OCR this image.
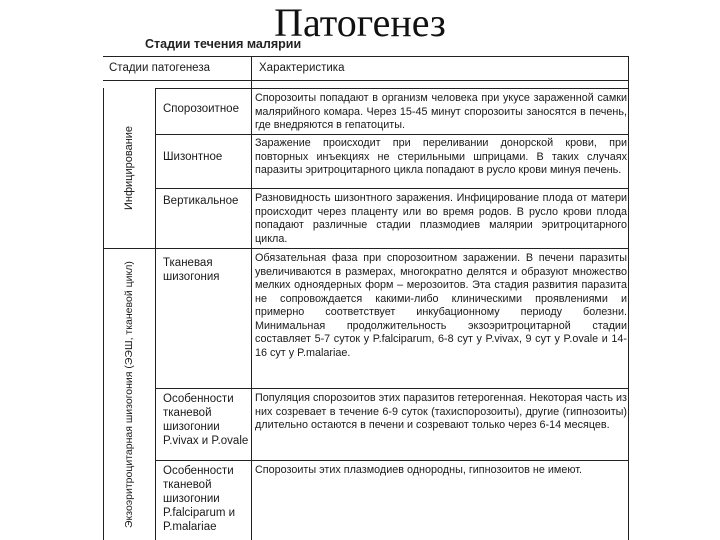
Патогенез
Стадии течения малярии
Стадии патогенеза	Характеристика
Инфицирование
Экзоэритроцитарная шизогония (ЭЭШ, тканевой цикл)
Спорозоитное
Спорозоиты попадают в организм человека при укусе зараженной самки малярийного комара. Через 15-45 минут спорозоиты заносятся в печень, где внедряются в гепатоциты.
Шизонтное
Заражение происходит при переливании донорской крови, при повторных инъекциях не стерильными шприцами. В таких случаях паразиты эритроцитарного цикла попадают в русло крови минуя печень.
Вертикальное	Разновидность шизонтного заражения. Инфицирование плода от матери происходит через плаценту или во время родов. В русло крови плода попадают различные стадии плазмодиев малярии эритроцитарного цикла.
Тканевая шизогония
Обязательная фаза при спорозоитном заражении. В печени паразиты увеличиваются в размерах, многократно делятся и образуют множество мелких одноядерных форм – мерозоитов. Эта стадия развития паразита не сопровождается какими-либо клиническими проявлениями и примерно соответствует инкубационному периоду болезни. Минимальная продолжительность экзоэритроцитарной стадии составляет 5-7 суток у P.falciparum, 6-8 сут у P.vivax, 9 сут у P.ovale и 14-16 сут у P.malariae.
Особенности тканевой шизогонии P.vivax и P.ovale
Популяция спорозоитов этих паразитов гетерогенная. Некоторая часть из них созревает в течение 6-9 суток (тахиспорозоиты), другие (гипнозоиты) длительно остаются в печени и созревают только через 6-14 месяцев.
Особенности тканевой шизогонии P.falciparum и P.malariae
Спорозоиты этих плазмодиев однородны, гипнозоитов не имеют.
